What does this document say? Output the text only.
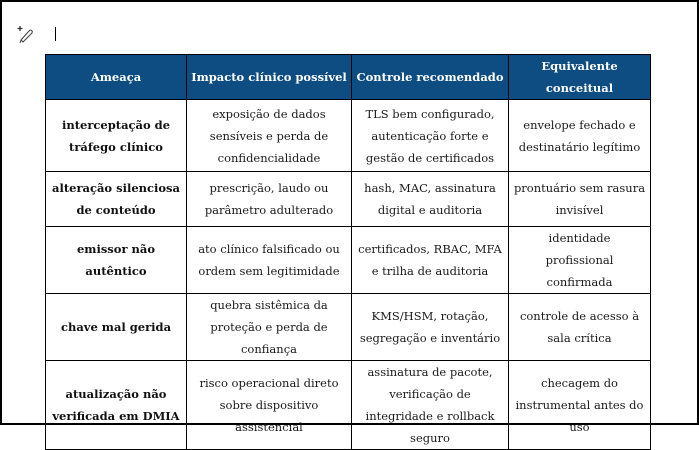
Ameaça	Impacto clínico possível	Controle recomendado	Equivalente conceitual
interceptação de tráfego clínico	exposição de dados sensíveis e perda de confidencialidade	TLS bem configurado, autenticação forte e gestão de certificados	envelope fechado e destinatário legítimo
alteração silenciosa de conteúdo	prescrição, laudo ou parâmetro adulterado	hash, MAC, assinatura digital e auditoria	prontuário sem rasura invisível
emissor não autêntico	ato clínico falsificado ou ordem sem legitimidade	certificados, RBAC, MFA e trilha de auditoria	identidade profissional confirmada
chave mal gerida	quebra sistêmica da proteção e perda de confiança	KMS/HSM, rotação, segregação e inventário	controle de acesso à sala crítica
atualização não verificada em DMIA	risco operacional direto sobre dispositivo assistencial	assinatura de pacote, verificação de integridade e rollback seguro	checagem do instrumental antes do uso
